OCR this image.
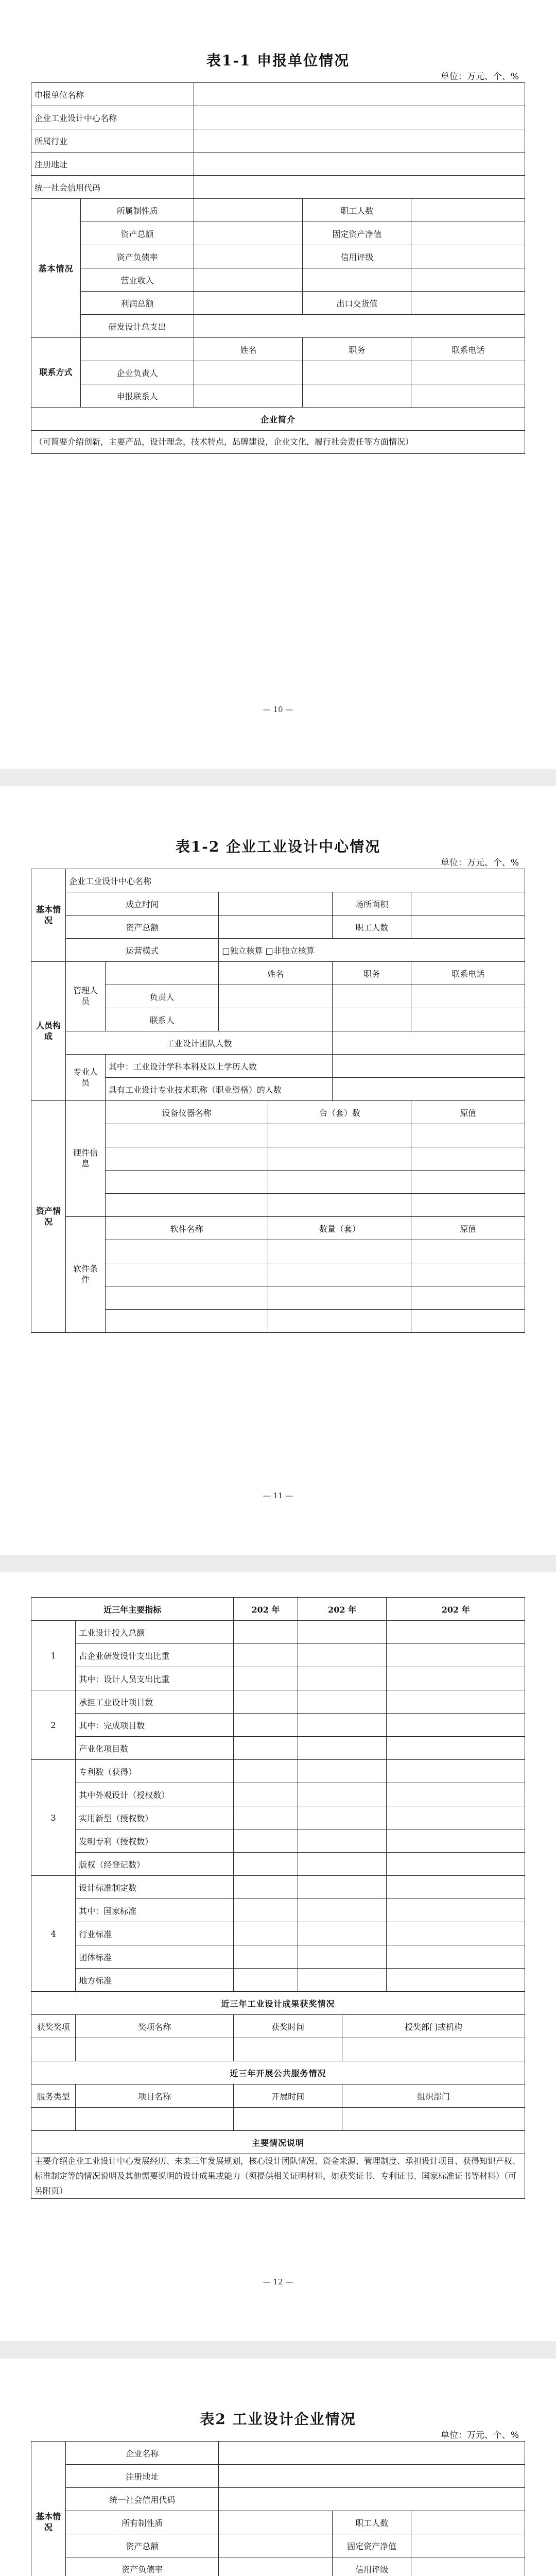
表1-1 申报单位情况
单位：万元、个、%
申报单位名称				
企业工业设计中心名称				
所属行业				
注册地址				
统一社会信用代码				
基本情况	所属制性质		职工人数	
	资产总额		固定资产净值	
	资产负债率		信用评级	
	营业收入			
	利润总额		出口交货值	
	研发设计总支出			
联系方式		姓名	职务	联系电话
	企业负责人			
	申报联系人			
企业简介				
（可简要介绍创新，主要产品，设计理念，技术特点，品牌建设，企业文化，履行社会责任等方面情况）				
— 10 —
表1-2 企业工业设计中心情况
单位：万元、个、%
基本情况	企业工业设计中心名称					
	成立时间				场所面积	
	资产总额				职工人数	
	运营模式		□独立核算 □非独立核算			
人员构成	管理人员		姓名		职务	联系电话
		负责人				
		联系人				
	工业设计团队人数					
	专业人员	其中：工业设计学科本科及以上学历人数				
		具有工业设计专业技术职称（职业资格）的人数				

资产情况	硬件信息	设备仪器名称		台（套）数		原值

	软件条件	软件名称		数量（套）		原值

— 11 —
近三年主要指标		202 年	202 年		202 年
1	工业设计投入总额				
	占企业研发设计支出比重				
	其中：设计人员支出比重				
2	承担工业设计项目数				
	其中：完成项目数				
	产业化项目数				
3	专利数（获得）				
	其中外观设计（授权数）				
	实用新型（授权数）				
	发明专利（授权数）				
	版权（经登记数）				
4	设计标准制定数				
	其中：国家标准				
	行业标准				
	团体标准				
	地方标准				
近三年工业设计成果获奖情况					
获奖奖项	奖项名称	获奖时间		授奖部门或机构	

近三年开展公共服务情况					
服务类型	项目名称	开展时间		组织部门	

主要情况说明					
主要介绍企业工业设计中心发展经历、未来三年发展规划，核心设计团队情况、资金来源、管理制度、承担设计项目、获得知识产权、标准制定等的情况说明及其他需要说明的设计成果或能力（须提供相关证明材料，如获奖证书、专利证书、国家标准证书等材料）（可另附页）					
— 12 —
表2 工业设计企业情况
单位：万元、个、%
基本情况	企业名称					
	注册地址					
	统一社会信用代码					
	所有制性质				职工人数	
	资产总额				固定资产净值	
	资产负债率				信用评级	
